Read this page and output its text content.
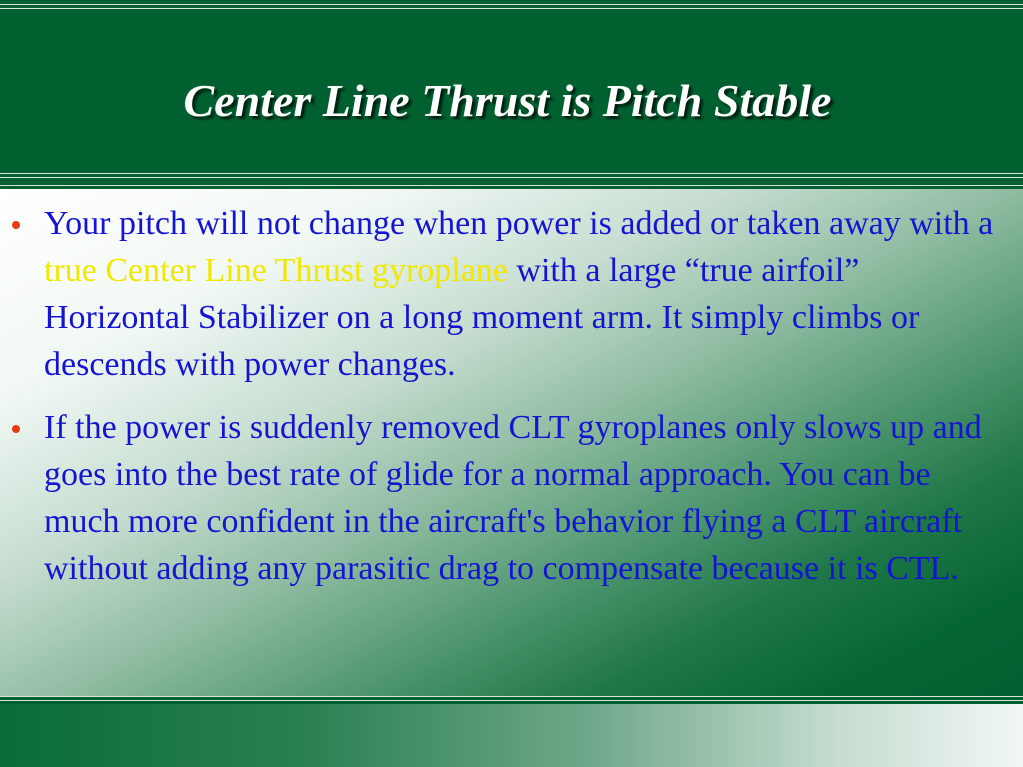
Center Line Thrust is Pitch Stable
Your pitch will not change when power is added or taken away with a true Center Line Thrust gyroplane with a large “true airfoil” Horizontal Stabilizer on a long moment arm. It simply climbs or descends with power changes.
If the power is suddenly removed CLT gyroplanes only slows up and goes into the best rate of glide for a normal approach. You can be much more confident in the aircraft's behavior flying a CLT aircraft without adding any parasitic drag to compensate because it is CTL.
